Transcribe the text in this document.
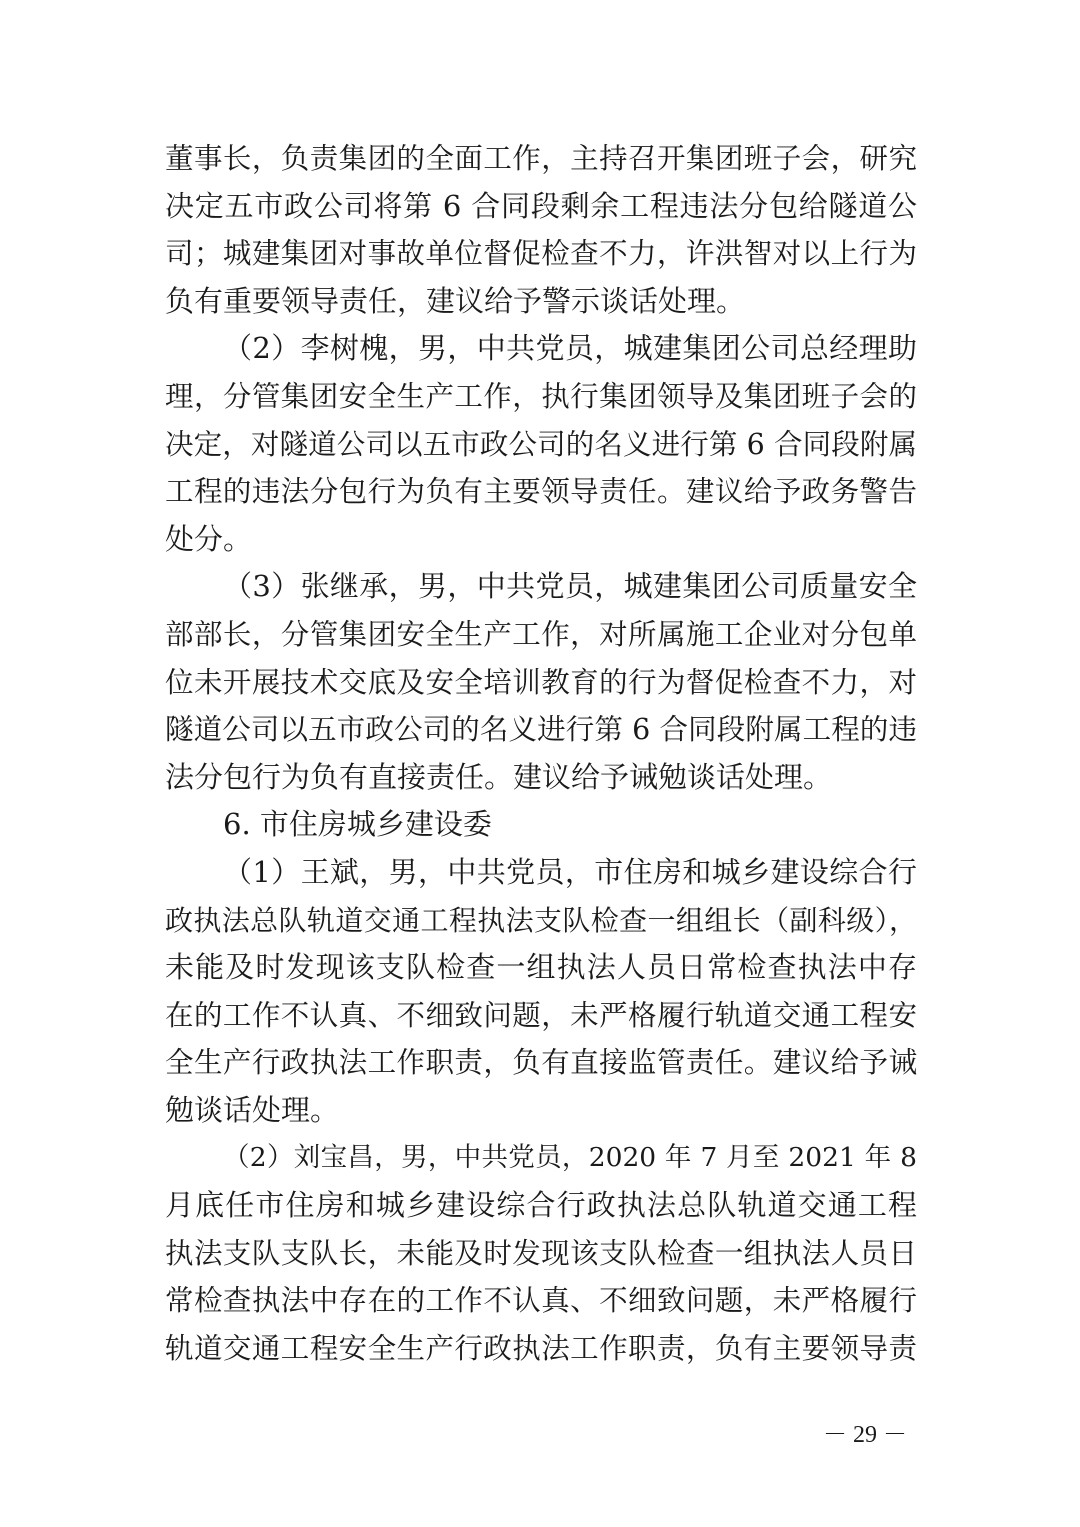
董事长，负责集团的全面工作，主持召开集团班子会，研究
决定五市政公司将第 6 合同段剩余工程违法分包给隧道公
司；城建集团对事故单位督促检查不力，许洪智对以上行为
负有重要领导责任，建议给予警示谈话处理。
（2）李树槐，男，中共党员，城建集团公司总经理助
理，分管集团安全生产工作，执行集团领导及集团班子会的
决定，对隧道公司以五市政公司的名义进行第 6 合同段附属
工程的违法分包行为负有主要领导责任。建议给予政务警告
处分。
（3）张继承，男，中共党员，城建集团公司质量安全
部部长，分管集团安全生产工作，对所属施工企业对分包单
位未开展技术交底及安全培训教育的行为督促检查不力，对
隧道公司以五市政公司的名义进行第 6 合同段附属工程的违
法分包行为负有直接责任。建议给予诫勉谈话处理。
6. 市住房城乡建设委
（1）王斌，男，中共党员，市住房和城乡建设综合行
政执法总队轨道交通工程执法支队检查一组组长（副科级），
未能及时发现该支队检查一组执法人员日常检查执法中存
在的工作不认真、不细致问题，未严格履行轨道交通工程安
全生产行政执法工作职责，负有直接监管责任。建议给予诫
勉谈话处理。
（2）刘宝昌，男，中共党员，2020 年 7 月至 2021 年 8
月底任市住房和城乡建设综合行政执法总队轨道交通工程
执法支队支队长，未能及时发现该支队检查一组执法人员日
常检查执法中存在的工作不认真、不细致问题，未严格履行
轨道交通工程安全生产行政执法工作职责，负有主要领导责
－ 29 －
